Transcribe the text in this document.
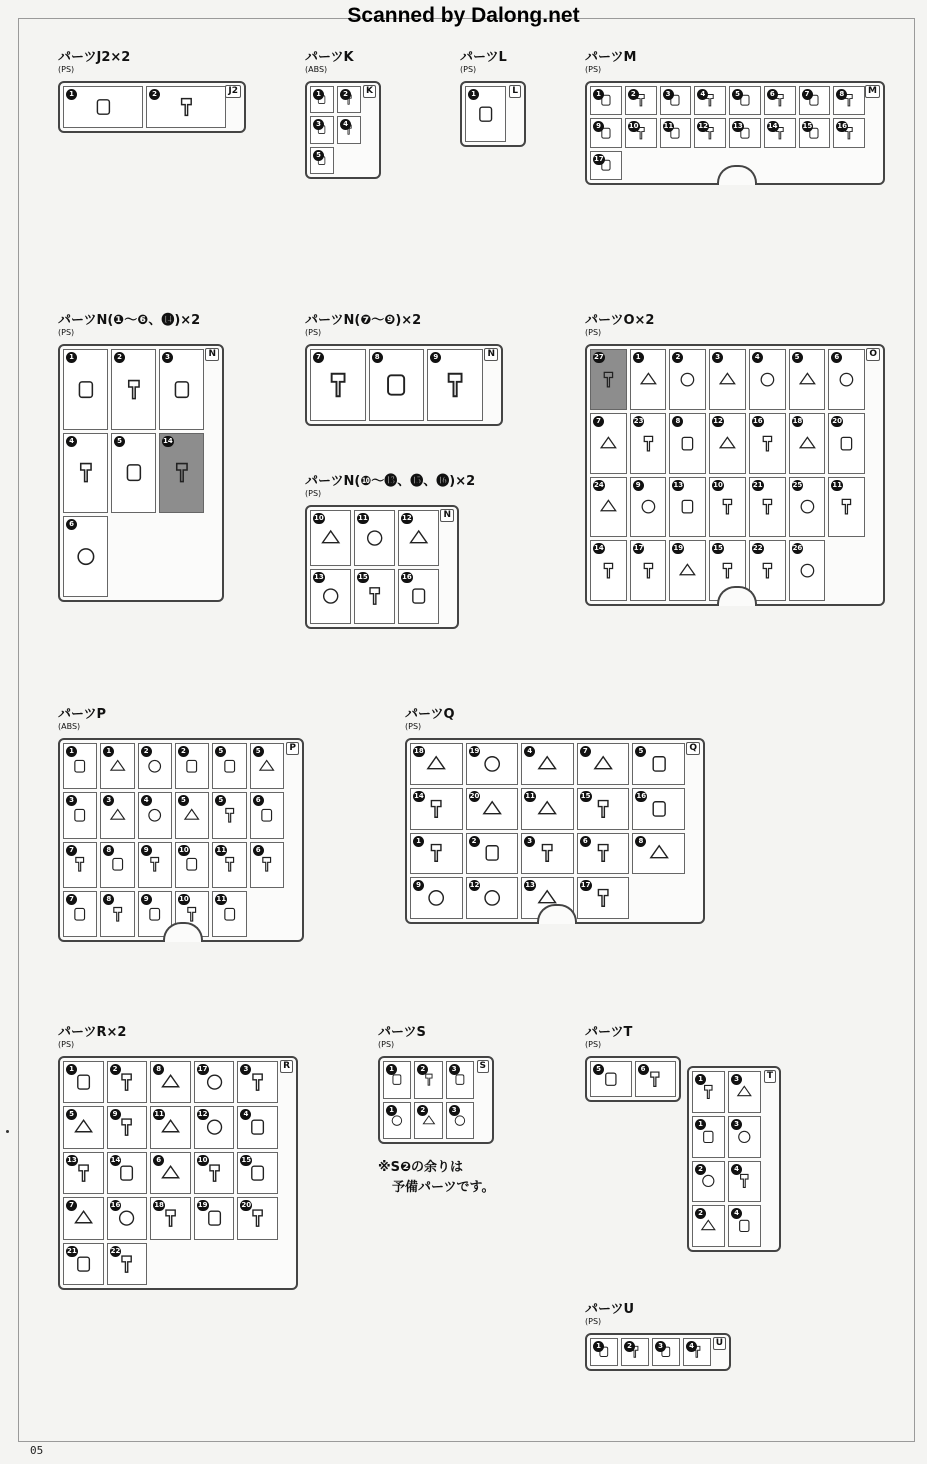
Scanned by Dalong.net
パーツJ2×2
(PS)
1	2	J2
パーツK
(ABS)
1	2
3	4
5
K
パーツL
(PS)
1	L
パーツM
(PS)
1	2	3	4	5	6	7	8
9	10	11	12	13	14	15	16
17
M
パーツN(❶〜❻、⓮)×2
(PS)
1	2	3
4	5	14
6
N
パーツN(❼〜❾)×2
(PS)
7	8	9	N
パーツN(❿〜⓭、⓯、⓰)×2
(PS)
10	11	12
13	15	16
N
パーツO×2
(PS)
27	1	2	3	4	5	6
7	23	8	12	16	18	20
24	9	13	10	21	25	11
14	17	19	15	22	26
O
パーツP
(ABS)
1	1	2	2	5	5
3	3	4	5	5	6
7	8	9	10	11	6
7	8	9	10	11
P
パーツQ
(PS)
18	19	4	7	5
14	20	11	15	16
1	2	3	6	8
9	12	13	17
Q
パーツR×2
(PS)
1	2	8	17	3
5	9	11	12	4
13	14	6	10	15
7	16	18	19	20
21	22
R
パーツS
(PS)
1	2	3
1	2	3
S
※S❷の余りは
予備パーツです。
パーツT
(PS)
5	6
1	3
1	3
2	4
2	4
T
パーツU
(PS)
1	2	3	4	U
05
